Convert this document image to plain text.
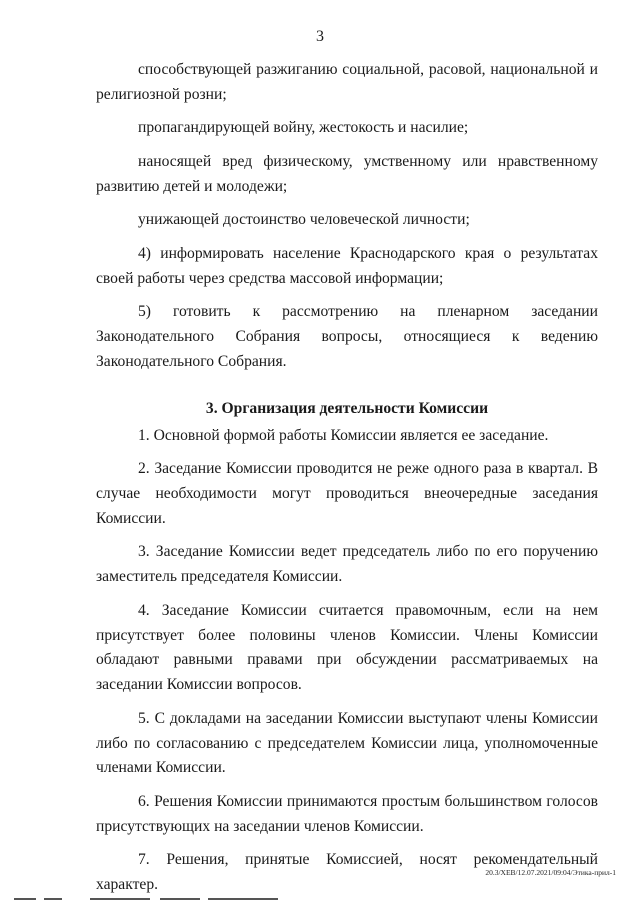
3

способствующей разжиганию социальной, расовой, национальной и религиозной розни;

пропагандирующей войну, жестокость и насилие;

наносящей вред физическому, умственному или нравственному развитию детей и молодежи;

унижающей достоинство человеческой личности;

4) информировать население Краснодарского края о результатах своей работы через средства массовой информации;

5) готовить к рассмотрению на пленарном заседании Законодательного Собрания вопросы, относящиеся к ведению Законодательного Собрания.

3. Организация деятельности Комиссии

1. Основной формой работы Комиссии является ее заседание.

2. Заседание Комиссии проводится не реже одного раза в квартал. В случае необходимости могут проводиться внеочередные заседания Комиссии.

3. Заседание Комиссии ведет председатель либо по его поручению заместитель председателя Комиссии.

4. Заседание Комиссии считается правомочным, если на нем присутствует более половины членов Комиссии. Члены Комиссии обладают равными правами при обсуждении рассматриваемых на заседании Комиссии вопросов.

5. С докладами на заседании Комиссии выступают члены Комиссии либо по согласованию с председателем Комиссии лица, уполномоченные членами Комиссии.

6. Решения Комиссии принимаются простым большинством голосов присутствующих на заседании членов Комиссии.

7. Решения, принятые Комиссией, носят рекомендательный характер.

20.3/ХЕВ/12.07.2021/09:04/Этика-прил-1
